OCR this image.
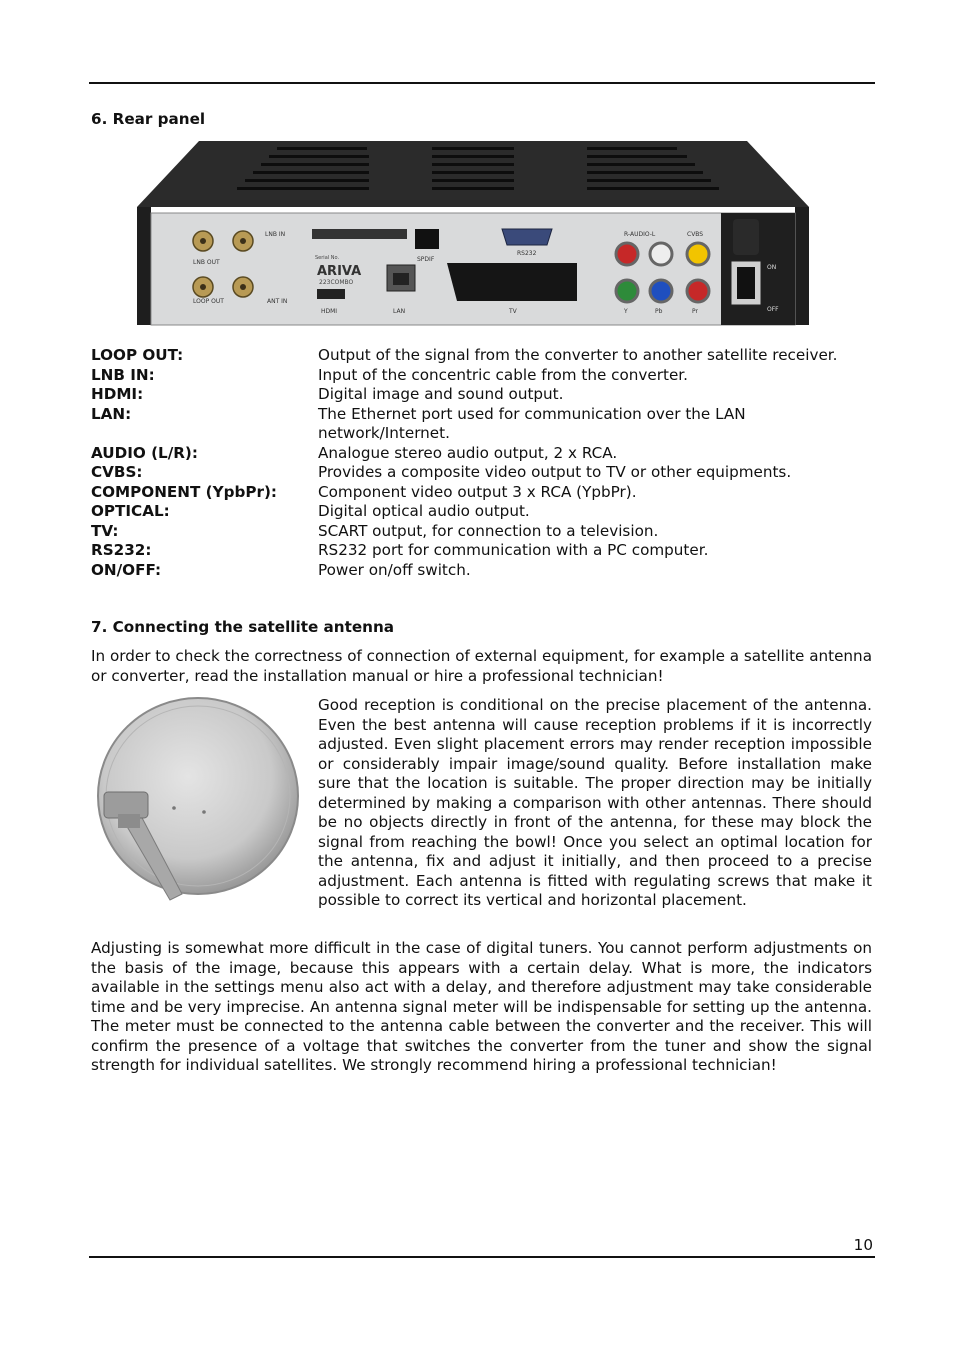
6. Rear panel
LNB OUT
LOOP OUT
LNB IN
ANT IN
Serial No.
ARIVA
223COMBO
HDMI	LAN
SPDIF
RS232
TV
R-AUDIO-L	CVBS
Y	Pb	Pr
ON
OFF
LOOP OUT:	Output of the signal from the converter to another satellite receiver.
LNB IN:	Input of the concentric cable from the converter.
HDMI:	Digital image and sound output.
LAN:	The Ethernet port used for communication over the LAN network/Internet.
AUDIO (L/R):	Analogue stereo audio output, 2 x RCA.
CVBS:	Provides a composite video output to TV or other equipments.
COMPONENT (YpbPr):	Component video output 3 x RCA (YpbPr).
OPTICAL:	Digital optical audio output.
TV:	SCART output, for connection to a television.
RS232:	RS232 port for communication with a PC computer.
ON/OFF:	Power on/off switch.
7. Connecting the satellite antenna

In order to check the correctness of connection of external equipment, for example a satellite antenna or converter, read the installation manual or hire a professional technician!

Good reception is conditional on the precise placement of the antenna. Even the best antenna will cause reception problems if it is incorrectly adjusted. Even slight placement errors may render reception impossible or considerably impair image/sound quality. Before installation make sure that the location is suitable. The proper direction may be initially determined by making a comparison with other antennas. There should be no objects directly in front of the antenna, for these may block the signal from reaching the bowl! Once you select an optimal location for the antenna, fix and adjust it initially, and then proceed to a precise adjustment. Each antenna is fitted with regulating screws that make it possible to correct its vertical and horizontal placement.

Adjusting is somewhat more difficult in the case of digital tuners. You cannot perform adjustments on the basis of the image, because this appears with a certain delay. What is more, the indicators available in the settings menu also act with a delay, and therefore adjustment may take considerable time and be very imprecise. An antenna signal meter will be indispensable for setting up the antenna. The meter must be connected to the antenna cable between the converter and the receiver. This will confirm the presence of a voltage that switches the converter from the tuner and show the signal strength for individual satellites. We strongly recommend hiring a professional technician!

10
